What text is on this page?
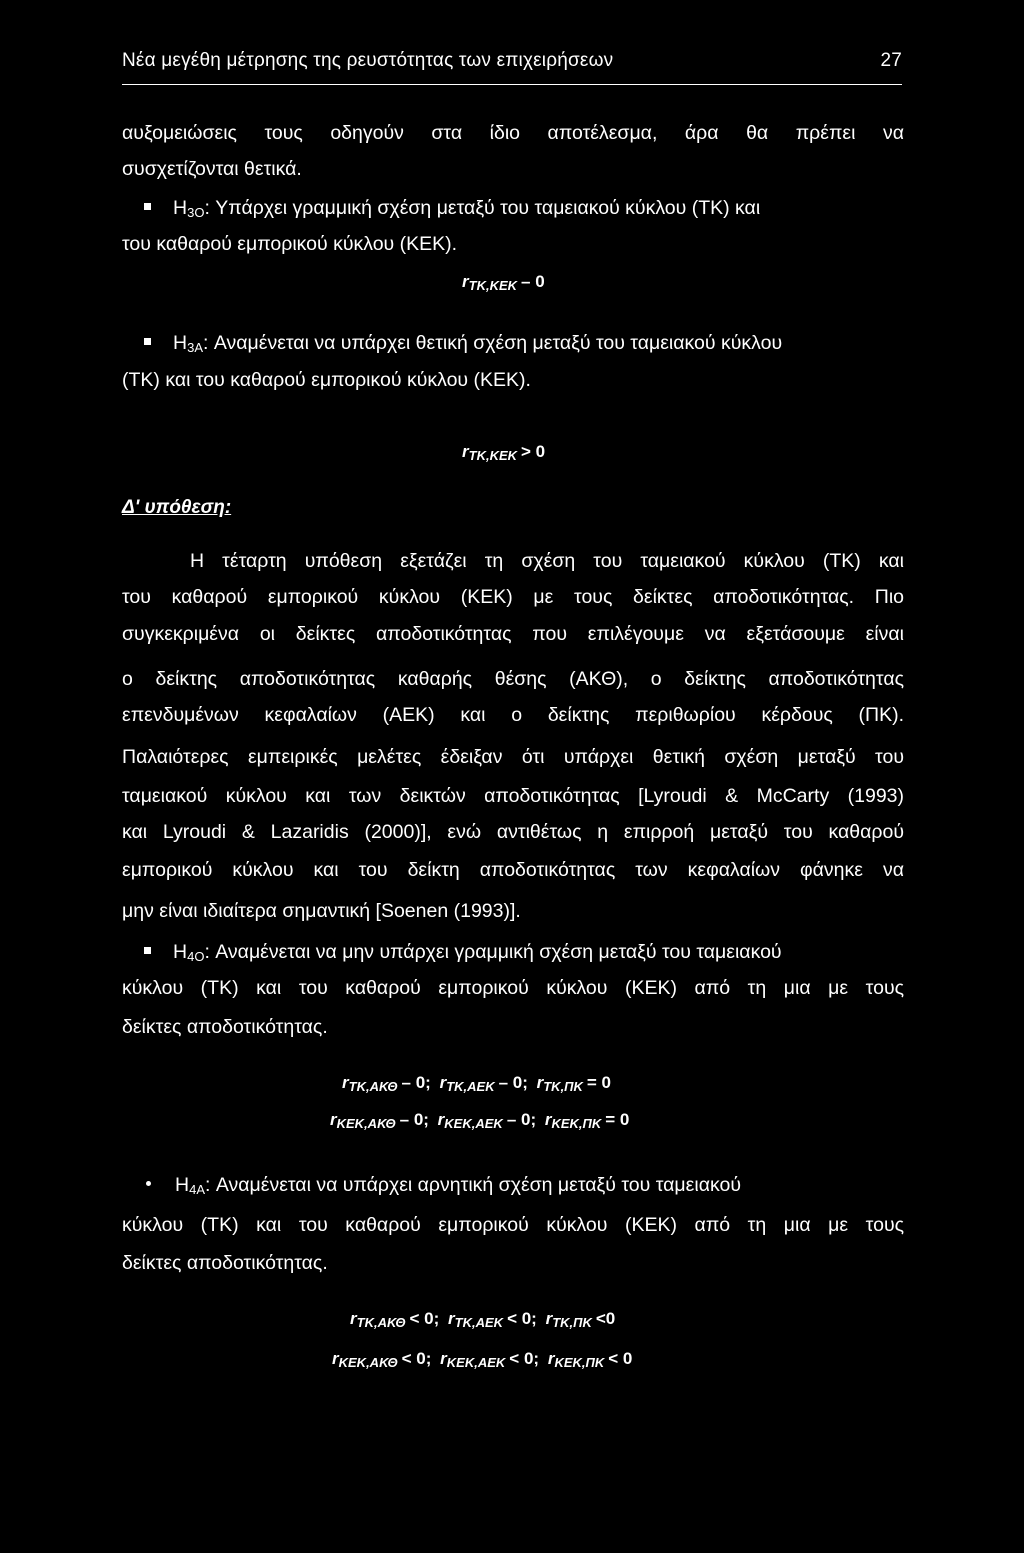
Νέα μεγέθη μέτρησης της ρευστότητας των επιχειρήσεων	27
αυξομειώσεις τους οδηγούν στα ίδιο αποτέλεσμα, άρα θα πρέπει να
συσχετίζονται θετικά.
$H_{3O}$: Υπάρχει γραμμική σχέση μεταξύ του ταμειακού κύκλου (ΤΚ) και
του καθαρού εμπορικού κύκλου (ΚΕΚ).
$r_{TK,KEK} - 0$
$H_{3A}$: Αναμένεται να υπάρχει θετική σχέση μεταξύ του ταμειακού κύκλου
(ΤΚ) και του καθαρού εμπορικού κύκλου (ΚΕΚ).
$r_{TK,KEK} > 0$
Δ' υπόθεση:
Η τέταρτη υπόθεση εξετάζει τη σχέση του ταμειακού κύκλου (ΤΚ) και
του καθαρού εμπορικού κύκλου (ΚΕΚ) με τους δείκτες αποδοτικότητας. Πιο
συγκεκριμένα οι δείκτες αποδοτικότητας που επιλέγουμε να εξετάσουμε είναι
ο δείκτης αποδοτικότητας καθαρής θέσης (ΑΚΘ), ο δείκτης αποδοτικότητας
επενδυμένων κεφαλαίων (ΑΕΚ) και ο δείκτης περιθωρίου κέρδους (ΠΚ).
Παλαιότερες εμπειρικές μελέτες έδειξαν ότι υπάρχει θετική σχέση μεταξύ του
ταμειακού κύκλου και των δεικτών αποδοτικότητας [Lyroudi & McCarty (1993)
και Lyroudi & Lazaridis (2000)], ενώ αντιθέτως η επιρροή μεταξύ του καθαρού
εμπορικού κύκλου και του δείκτη αποδοτικότητας των κεφαλαίων φάνηκε να
μην είναι ιδιαίτερα σημαντική [Soenen (1993)].
$H_{4O}$: Αναμένεται να μην υπάρχει γραμμική σχέση μεταξύ του ταμειακού
κύκλου (ΤΚ) και του καθαρού εμπορικού κύκλου (ΚΕΚ) από τη μια με τους
δείκτες αποδοτικότητας.
$r_{TK,AK\Theta} - 0$; $r_{TK,AEK} - 0$; $r_{TK,\Pi K} = 0$
$r_{KEK,AK\Theta} - 0$; $r_{KEK,AEK} - 0$; $r_{KEK,\Pi K} = 0$
$H_{4A}$: Αναμένεται να υπάρχει αρνητική σχέση μεταξύ του ταμειακού
κύκλου (ΤΚ) και του καθαρού εμπορικού κύκλου (ΚΕΚ) από τη μια με τους
δείκτες αποδοτικότητας.
$r_{TK,AK\Theta} < 0$; $r_{TK,AEK} < 0$; $r_{TK,\Pi K} <0$
$r_{KEK,AK\Theta} < 0$; $r_{KEK,AEK} < 0$; $r_{KEK,\Pi K} < 0$
